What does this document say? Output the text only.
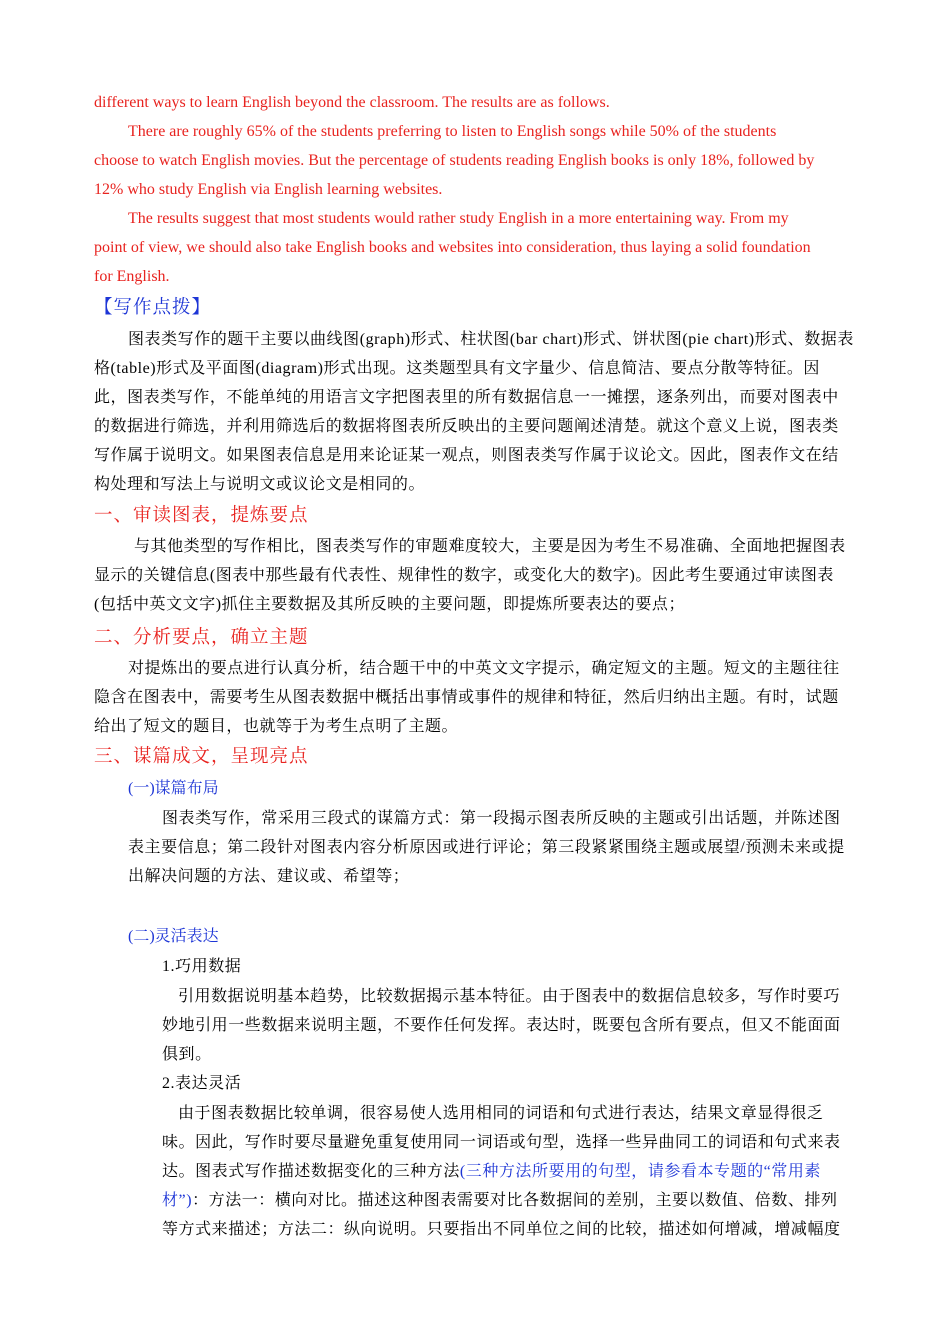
different ways to learn English beyond the classroom. The results are as follows.
There are roughly 65% of the students preferring to listen to English songs while 50% of the students
choose to watch English movies. But the percentage of students reading English books is only 18%, followed by
12% who study English via English learning websites.
The results suggest that most students would rather study English in a more entertaining way. From my
point of view, we should also take English books and websites into consideration, thus laying a solid foundation
for English.
【写作点拨】
图表类写作的题干主要以曲线图(graph)形式、柱状图(bar chart)形式、饼状图(pie chart)形式、数据表
格(table)形式及平面图(diagram)形式出现。这类题型具有文字量少、信息简洁、要点分散等特征。因
此，图表类写作，不能单纯的用语言文字把图表里的所有数据信息一一摊摆，逐条列出，而要对图表中
的数据进行筛选，并利用筛选后的数据将图表所反映出的主要问题阐述清楚。就这个意义上说，图表类
写作属于说明文。如果图表信息是用来论证某一观点，则图表类写作属于议论文。因此，图表作文在结
构处理和写法上与说明文或议论文是相同的。
一、审读图表，提炼要点
与其他类型的写作相比，图表类写作的审题难度较大，主要是因为考生不易准确、全面地把握图表
显示的关键信息(图表中那些最有代表性、规律性的数字，或变化大的数字)。因此考生要通过审读图表
(包括中英文文字)抓住主要数据及其所反映的主要问题，即提炼所要表达的要点；
二、分析要点，确立主题
对提炼出的要点进行认真分析，结合题干中的中英文文字提示，确定短文的主题。短文的主题往往
隐含在图表中，需要考生从图表数据中概括出事情或事件的规律和特征，然后归纳出主题。有时，试题
给出了短文的题目，也就等于为考生点明了主题。
三、谋篇成文，呈现亮点
(一)谋篇布局
图表类写作，常采用三段式的谋篇方式：第一段揭示图表所反映的主题或引出话题，并陈述图
表主要信息；第二段针对图表内容分析原因或进行评论；第三段紧紧围绕主题或展望/预测未来或提
出解决问题的方法、建议或、希望等；
(二)灵活表达
1.巧用数据
引用数据说明基本趋势，比较数据揭示基本特征。由于图表中的数据信息较多，写作时要巧
妙地引用一些数据来说明主题，不要作任何发挥。表达时，既要包含所有要点，但又不能面面
俱到。
2.表达灵活
由于图表数据比较单调，很容易使人选用相同的词语和句式进行表达，结果文章显得很乏
味。因此，写作时要尽量避免重复使用同一词语或句型，选择一些异曲同工的词语和句式来表
达。图表式写作描述数据变化的三种方法(三种方法所要用的句型，请参看本专题的“常用素
材”)：方法一：横向对比。描述这种图表需要对比各数据间的差别，主要以数值、倍数、排列
等方式来描述；方法二：纵向说明。只要指出不同单位之间的比较，描述如何增减，增减幅度
